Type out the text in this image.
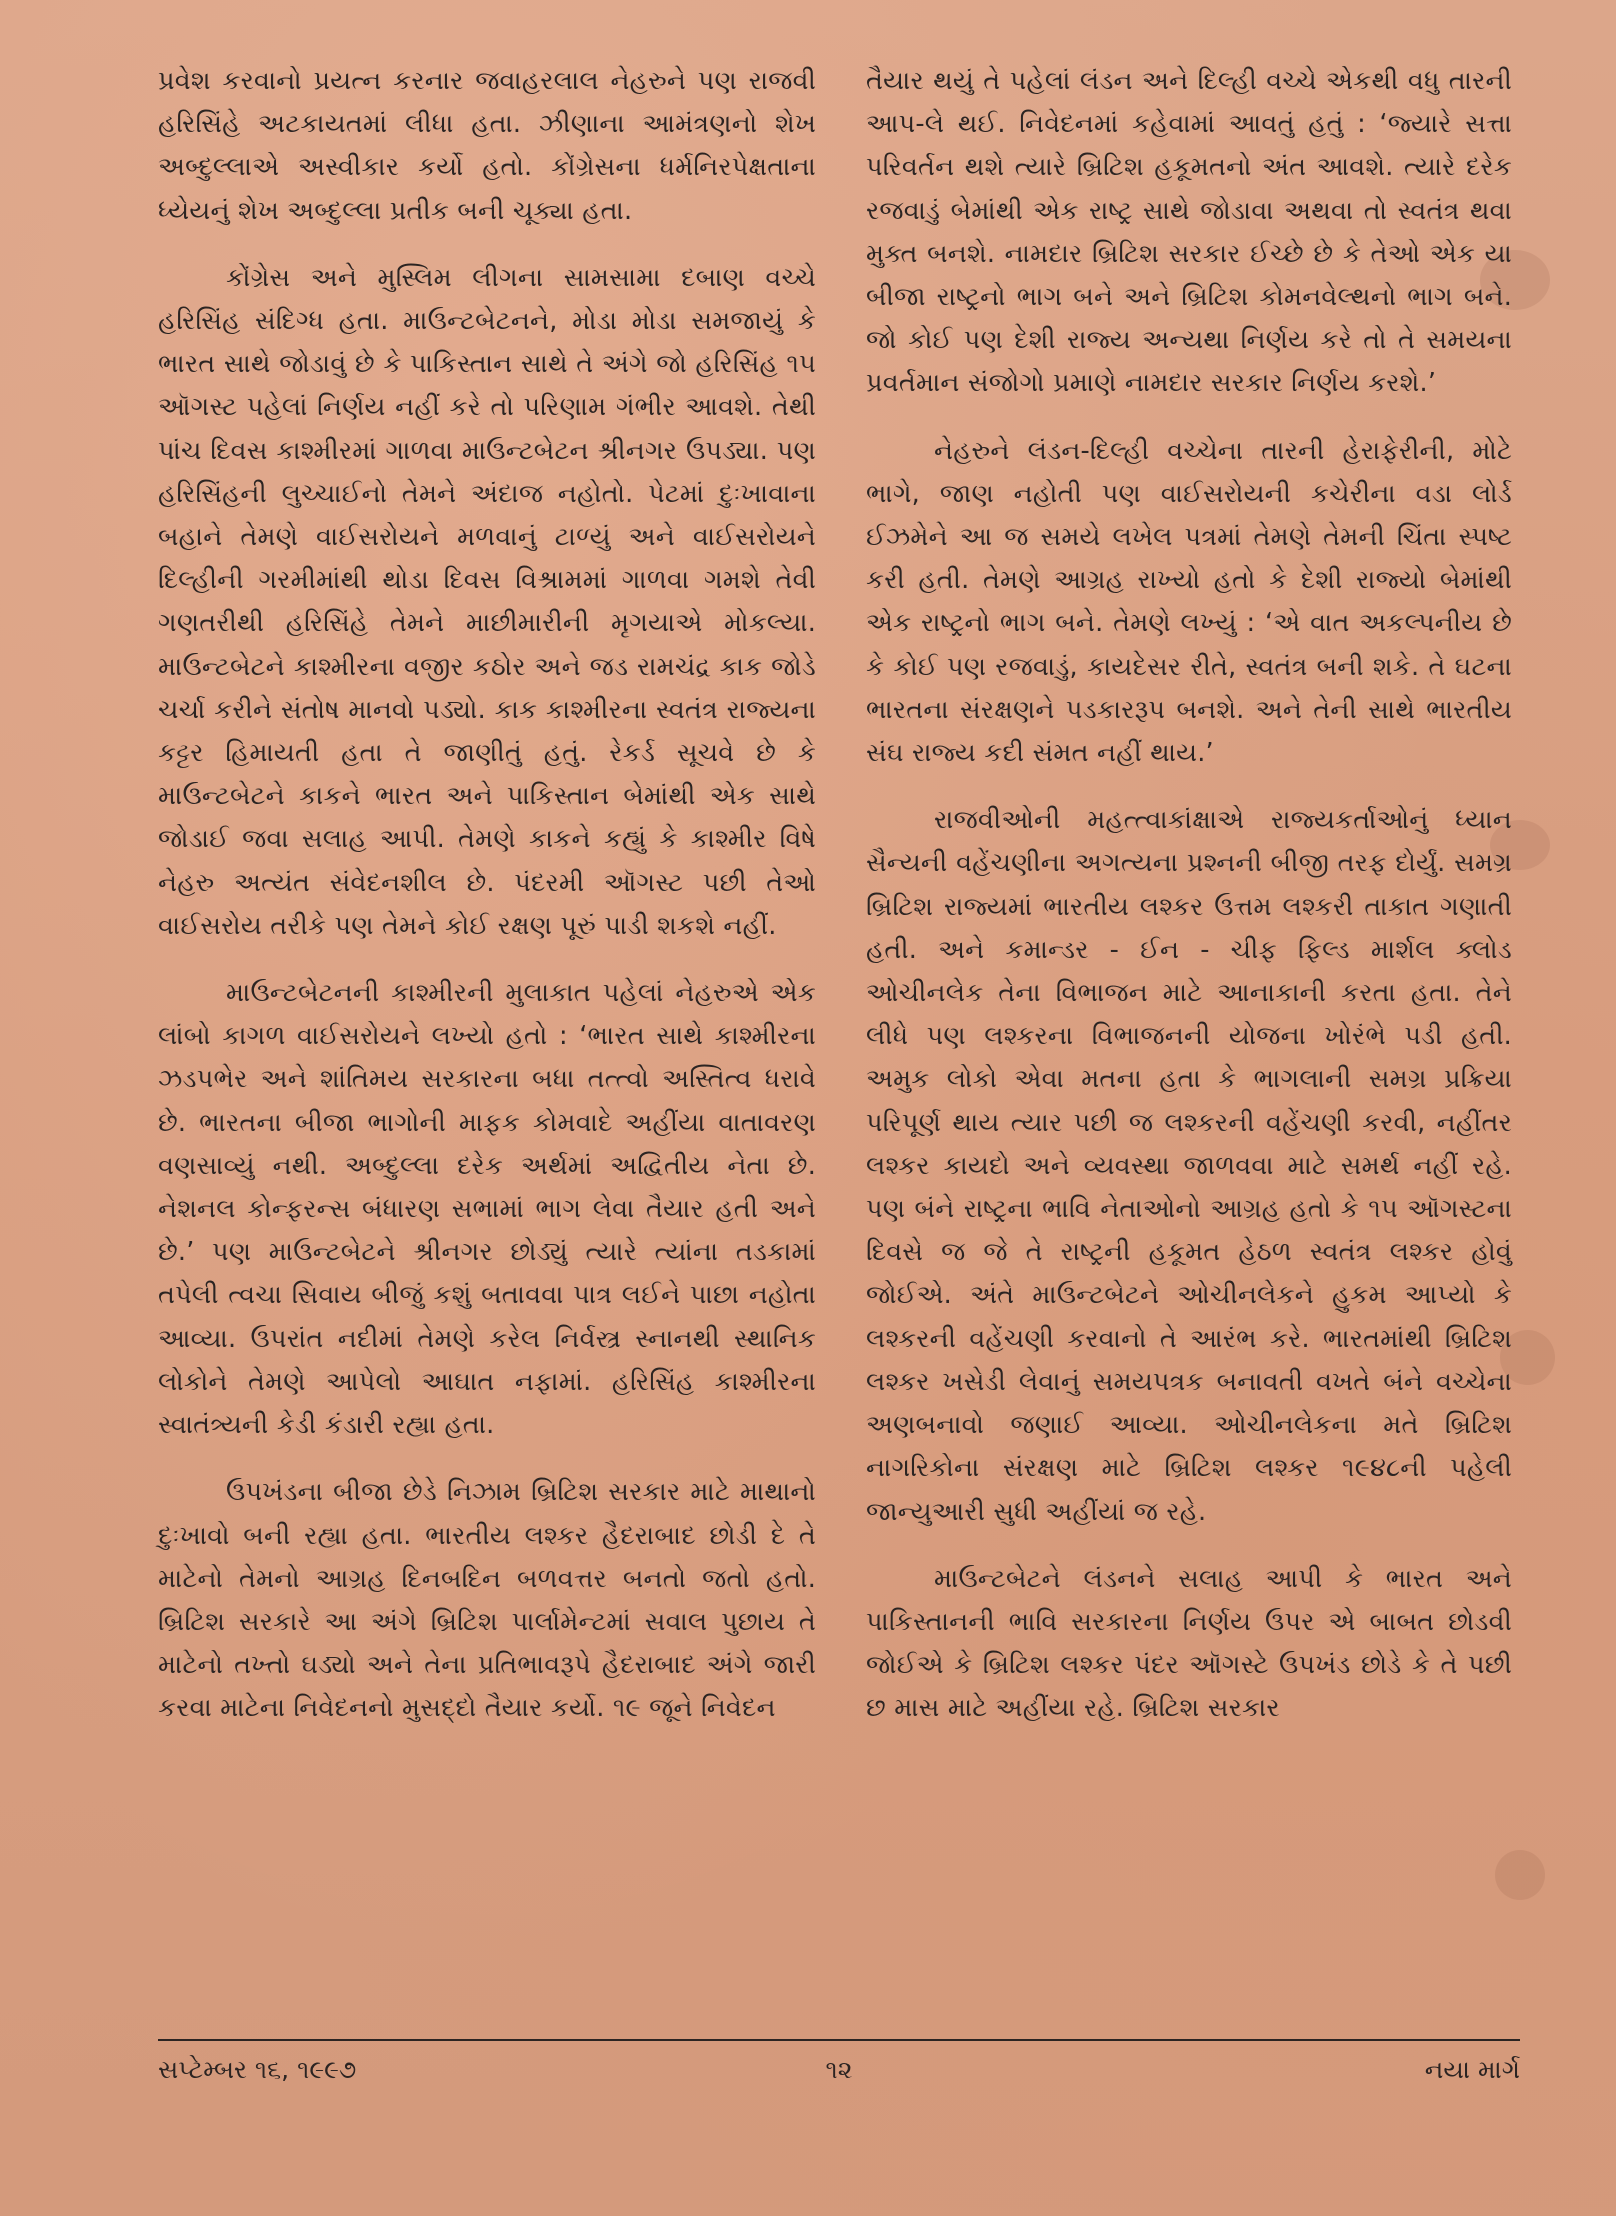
પ્રવેશ કરવાનો પ્રયત્ન કરનાર જવાહરલાલ નેહરુને પણ રાજવી હરિસિંહે અટકાયતમાં લીધા હતા. ઝીણાના આમંત્રણનો શેખ અબ્દુલ્લાએ અસ્વીકાર કર્યો હતો. કોંગ્રેસના ધર્મનિરપેક્ષતાના ધ્યેયનું શેખ અબ્દુલ્લા પ્રતીક બની ચૂક્યા હતા.

કોંગ્રેસ અને મુસ્લિમ લીગના સામસામા દબાણ વચ્ચે હરિસિંહ સંદિગ્ધ હતા. માઉન્ટબેટનને, મોડા મોડા સમજાયું કે ભારત સાથે જોડાવું છે કે પાકિસ્તાન સાથે તે અંગે જો હરિસિંહ ૧૫ ઑગસ્ટ પહેલાં નિર્ણય નહીં કરે તો પરિણામ ગંભીર આવશે. તેથી પાંચ દિવસ કાશ્મીરમાં ગાળવા માઉન્ટબેટન શ્રીનગર ઉપડ્યા. પણ હરિસિંહની લુચ્ચાઈનો તેમને અંદાજ નહોતો. પેટમાં દુઃખાવાના બહાને તેમણે વાઈસરોયને મળવાનું ટાળ્યું અને વાઈસરોયને દિલ્હીની ગરમીમાંથી થોડા દિવસ વિશ્રામમાં ગાળવા ગમશે તેવી ગણતરીથી હરિસિંહે તેમને માછીમારીની મૃગયાએ મોકલ્યા. માઉન્ટબેટને કાશ્મીરના વજીર કઠોર અને જડ રામચંદ્ર કાક જોડે ચર્ચા કરીને સંતોષ માનવો પડ્યો. કાક કાશ્મીરના સ્વતંત્ર રાજ્યના કટ્ટર હિમાયતી હતા તે જાણીતું હતું. રેકર્ડ સૂચવે છે કે માઉન્ટબેટને કાકને ભારત અને પાકિસ્તાન બેમાંથી એક સાથે જોડાઈ જવા સલાહ આપી. તેમણે કાકને કહ્યું કે કાશ્મીર વિષે નેહરુ અત્યંત સંવેદનશીલ છે. પંદરમી ઑગસ્ટ પછી તેઓ વાઈસરોય તરીકે પણ તેમને કોઈ રક્ષણ પૂરું પાડી શકશે નહીં.

માઉન્ટબેટનની કાશ્મીરની મુલાકાત પહેલાં નેહરુએ એક લાંબો કાગળ વાઈસરોયને લખ્યો હતો : ‘ભારત સાથે કાશ્મીરના ઝડપભેર અને શાંતિમય સરકારના બધા તત્ત્વો અસ્તિત્વ ધરાવે છે. ભારતના બીજા ભાગોની માફક કોમવાદે અહીંયા વાતાવરણ વણસાવ્યું નથી. અબ્દુલ્લા દરેક અર્થમાં અદ્વિતીય નેતા છે. નેશનલ કોન્ફરન્સ બંધારણ સભામાં ભાગ લેવા તૈયાર હતી અને છે.’ પણ માઉન્ટબેટને શ્રીનગર છોડ્યું ત્યારે ત્યાંના તડકામાં તપેલી ત્વચા સિવાય બીજું કશું બતાવવા પાત્ર લઈને પાછા નહોતા આવ્યા. ઉપરાંત નદીમાં તેમણે કરેલ નિર્વસ્ત્ર સ્નાનથી સ્થાનિક લોકોને તેમણે આપેલો આઘાત નફામાં. હરિસિંહ કાશ્મીરના સ્વાતંત્ર્યની કેડી કંડારી રહ્યા હતા.

ઉપખંડના બીજા છેડે નિઝામ બ્રિટિશ સરકાર માટે માથાનો દુઃખાવો બની રહ્યા હતા. ભારતીય લશ્કર હૈદરાબાદ છોડી દે તે માટેનો તેમનો આગ્રહ દિનબદિન બળવત્તર બનતો જતો હતો. બ્રિટિશ સરકારે આ અંગે બ્રિટિશ પાર્લામેન્ટમાં સવાલ પુછાય તે માટેનો તખ્તો ઘડ્યો અને તેના પ્રતિભાવરૂપે હૈદરાબાદ અંગે જારી કરવા માટેના નિવેદનનો મુસદ્દો તૈયાર કર્યો. ૧૯ જૂને નિવેદન

તૈયાર થયું તે પહેલાં લંડન અને દિલ્હી વચ્ચે એકથી વધુ તારની આપ-લે થઈ. નિવેદનમાં કહેવામાં આવતું હતું : ‘જ્યારે સત્તા પરિવર્તન થશે ત્યારે બ્રિટિશ હકૂમતનો અંત આવશે. ત્યારે દરેક રજવાડું બેમાંથી એક રાષ્ટ્ર સાથે જોડાવા અથવા તો સ્વતંત્ર થવા મુક્ત બનશે. નામદાર બ્રિટિશ સરકાર ઈચ્છે છે કે તેઓ એક યા બીજા રાષ્ટ્રનો ભાગ બને અને બ્રિટિશ કોમનવેલ્થનો ભાગ બને. જો કોઈ પણ દેશી રાજ્ય અન્યથા નિર્ણય કરે તો તે સમયના પ્રવર્તમાન સંજોગો પ્રમાણે નામદાર સરકાર નિર્ણય કરશે.’

નેહરુને લંડન-દિલ્હી વચ્ચેના તારની હેરાફેરીની, મોટે ભાગે, જાણ નહોતી પણ વાઈસરોયની કચેરીના વડા લોર્ડ ઈઝમેને આ જ સમયે લખેલ પત્રમાં તેમણે તેમની ચિંતા સ્પષ્ટ કરી હતી. તેમણે આગ્રહ રાખ્યો હતો કે દેશી રાજ્યો બેમાંથી એક રાષ્ટ્રનો ભાગ બને. તેમણે લખ્યું : ‘એ વાત અકલ્પનીય છે કે કોઈ પણ રજવાડું, કાયદેસર રીતે, સ્વતંત્ર બની શકે. તે ઘટના ભારતના સંરક્ષણને પડકારરૂપ બનશે. અને તેની સાથે ભારતીય સંઘ રાજ્ય કદી સંમત નહીં થાય.’

રાજવીઓની મહત્ત્વાકાંક્ષાએ રાજ્યકર્તાઓનું ધ્યાન સૈન્યની વહેંચણીના અગત્યના પ્રશ્નની બીજી તરફ દોર્યું. સમગ્ર બ્રિટિશ રાજ્યમાં ભારતીય લશ્કર ઉત્તમ લશ્કરી તાકાત ગણાતી હતી. અને કમાન્ડર - ઈન - ચીફ ફિલ્ડ માર્શલ ક્લોડ ઓચીનલેક તેના વિભાજન માટે આનાકાની કરતા હતા. તેને લીધે પણ લશ્કરના વિભાજનની યોજના ખોરંભે પડી હતી. અમુક લોકો એવા મતના હતા કે ભાગલાની સમગ્ર પ્રક્રિયા પરિપૂર્ણ થાય ત્યાર પછી જ લશ્કરની વહેંચણી કરવી, નહીંતર લશ્કર કાયદો અને વ્યવસ્થા જાળવવા માટે સમર્થ નહીં રહે. પણ બંને રાષ્ટ્રના ભાવિ નેતાઓનો આગ્રહ હતો કે ૧૫ ઑગસ્ટના દિવસે જ જે તે રાષ્ટ્રની હકૂમત હેઠળ સ્વતંત્ર લશ્કર હોવું જોઈએ. અંતે માઉન્ટબેટને ઓચીનલેકને હુકમ આપ્યો કે લશ્કરની વહેંચણી કરવાનો તે આરંભ કરે. ભારતમાંથી બ્રિટિશ લશ્કર ખસેડી લેવાનું સમયપત્રક બનાવતી વખતે બંને વચ્ચેના અણબનાવો જણાઈ આવ્યા. ઓચીનલેકના મતે બ્રિટિશ નાગરિકોના સંરક્ષણ માટે બ્રિટિશ લશ્કર ૧૯૪૮ની પહેલી જાન્યુઆરી સુધી અહીંયાં જ રહે.

માઉન્ટબેટને લંડનને સલાહ આપી કે ભારત અને પાકિસ્તાનની ભાવિ સરકારના નિર્ણય ઉપર એ બાબત છોડવી જોઈએ કે બ્રિટિશ લશ્કર પંદર ઑગસ્ટે ઉપખંડ છોડે કે તે પછી છ માસ માટે અહીંયા રહે. બ્રિટિશ સરકાર

સપ્ટેમ્બર ૧૬, ૧૯૯૭	૧૨	નયા માર્ગ
